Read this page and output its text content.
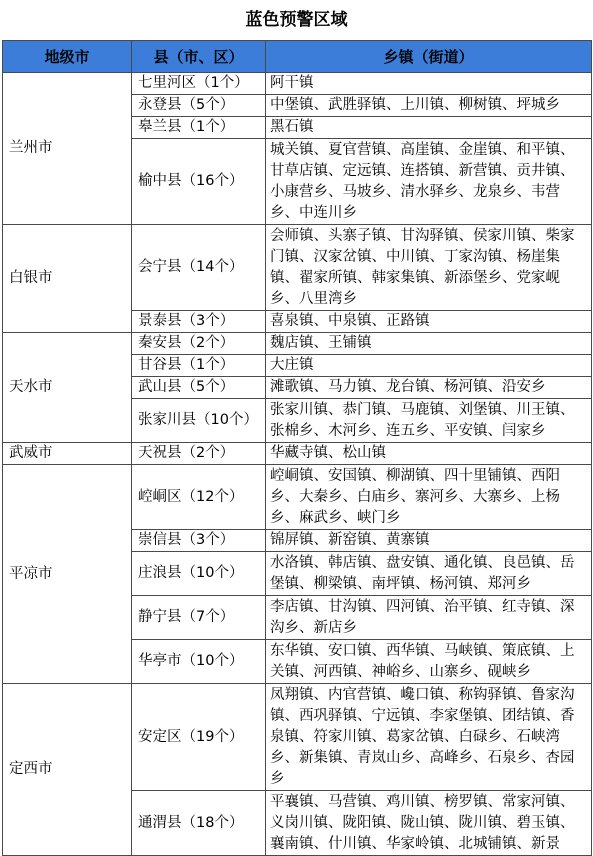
蓝色预警区域
地级市	县（市、区）	乡镇（街道）
兰州市	七里河区（1个）	阿干镇
	永登县（5个）	中堡镇、武胜驿镇、上川镇、柳树镇、坪城乡
	皋兰县（1个）	黑石镇
	榆中县（16个）	城关镇、夏官营镇、高崖镇、金崖镇、和平镇、甘草店镇、定远镇、连搭镇、新营镇、贡井镇、小康营乡、马坡乡、清水驿乡、龙泉乡、韦营乡、中连川乡
白银市	会宁县（14个）	会师镇、头寨子镇、甘沟驿镇、侯家川镇、柴家门镇、汉家岔镇、中川镇、丁家沟镇、杨崖集镇、翟家所镇、韩家集镇、新添堡乡、党家岘乡、八里湾乡
	景泰县（3个）	喜泉镇、中泉镇、正路镇
天水市	秦安县（2个）	魏店镇、王铺镇
	甘谷县（1个）	大庄镇
	武山县（5个）	滩歌镇、马力镇、龙台镇、杨河镇、沿安乡
	张家川县（10个）	张家川镇、恭门镇、马鹿镇、刘堡镇、川王镇、张棉乡、木河乡、连五乡、平安镇、闫家乡
武威市	天祝县（2个）	华藏寺镇、松山镇
平凉市	崆峒区（12个）	崆峒镇、安国镇、柳湖镇、四十里铺镇、西阳乡、大秦乡、白庙乡、寨河乡、大寨乡、上杨乡、麻武乡、峡门乡
	崇信县（3个）	锦屏镇、新窑镇、黄寨镇
	庄浪县（10个）	水洛镇、韩店镇、盘安镇、通化镇、良邑镇、岳堡镇、柳梁镇、南坪镇、杨河镇、郑河乡
	静宁县（7个）	李店镇、甘沟镇、四河镇、治平镇、红寺镇、深沟乡、新店乡
	华亭市（10个）	东华镇、安口镇、西华镇、马峡镇、策底镇、上关镇、河西镇、神峪乡、山寨乡、砚峡乡
定西市	安定区（19个）	凤翔镇、内官营镇、巉口镇、称钩驿镇、鲁家沟镇、西巩驿镇、宁远镇、李家堡镇、团结镇、香泉镇、符家川镇、葛家岔镇、白碌乡、石峡湾乡、新集镇、青岚山乡、高峰乡、石泉乡、杏园乡
	通渭县（18个）	平襄镇、马营镇、鸡川镇、榜罗镇、常家河镇、义岗川镇、陇阳镇、陇山镇、陇川镇、碧玉镇、襄南镇、什川镇、华家岭镇、北城铺镇、新景
